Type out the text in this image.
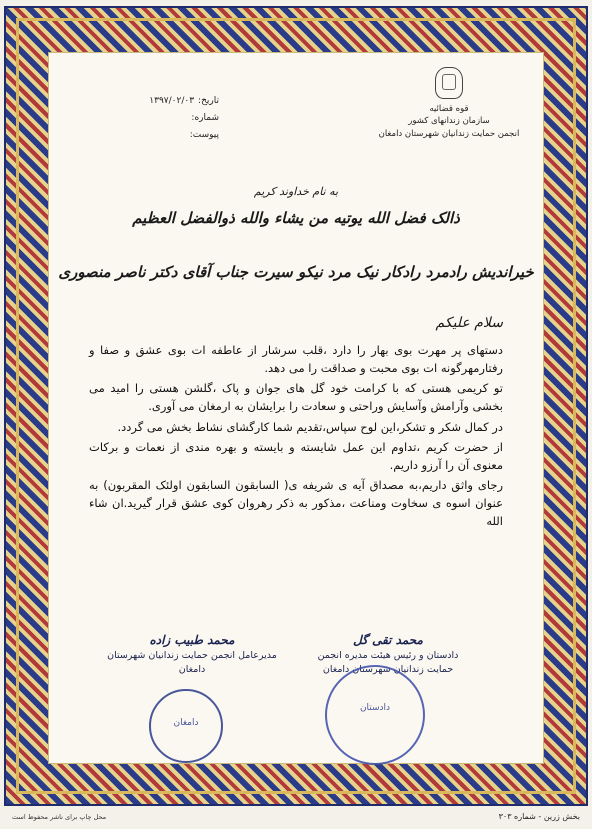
قوه قضائیه
سازمان زندانهای کشور
انجمن حمایت زندانیان شهرستان دامغان
تاریخ:
۱۳۹۷/۰۲/۰۳
شماره:
پیوست:
به نام خداوند کریم
ذالک فضل الله یوتیه من یشاء والله ذوالفضل العظیم
خیراندیش رادمرد رادکار نیک مرد نیکو سیرت جناب آقای دکتر ناصر منصوری
سلام علیکم

دستهای پر مهرت بوی بهار را دارد ،قلب سرشار از عاطفه ات بوی عشق و صفا و رفتارمهرگونه ات بوی محبت و صداقت را می دهد.

تو کریمی هستی که با کرامت خود گل های جوان و پاک ،گلشن هستی را امید می بخشی وآرامش وآسایش وراحتی و سعادت را برایشان به ارمغان می آوری.

در کمال شکر و تشکر،این لوح سپاس،تقدیم شما کارگشای نشاط بخش می گردد.

از حضرت کریم ،تداوم این عمل شایسته و بایسته و بهره مندی از نعمات و برکات معنوی آن را آرزو داریم.

رجای واثق داریم،به مصداق آیه ی شریفه ی( السابقون السابقون اولئک المقربون) به عنوان اسوه ی سخاوت ومناعت ،مذکور به ذکر رهروان کوی عشق قرار گیرید.ان شاء الله

محمد تقی گل
دادستان و رئیس هیئت مدیره انجمن حمایت زندانیان شهرستان دامغان
محمد طبیب زاده
مدیرعامل انجمن حمایت زندانیان شهرستان دامغان
دامغان
دادستان
بخش زرین - شماره ۳۰۳
محل چاپ برای ناشر محفوظ است
